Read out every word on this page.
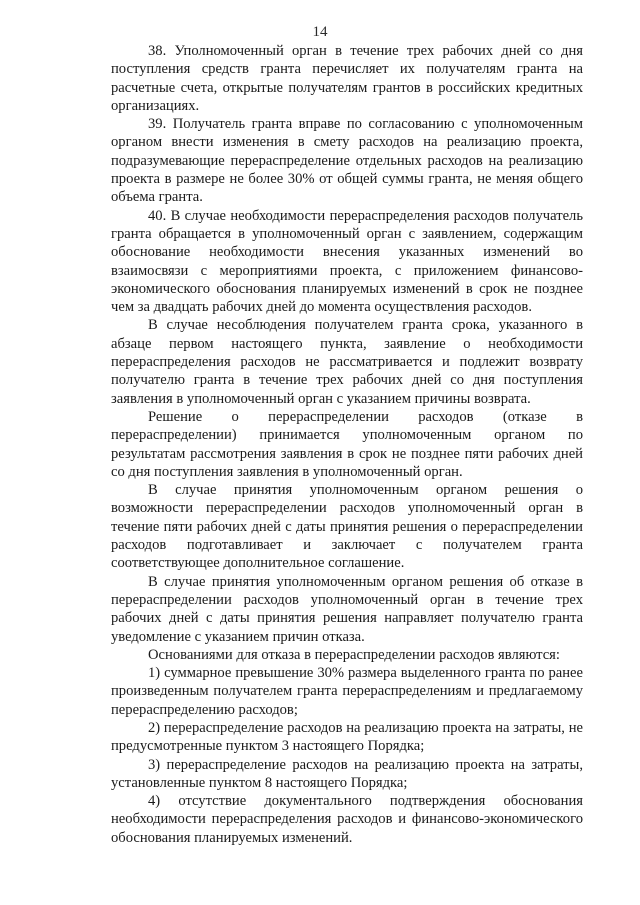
14

38. Уполномоченный орган в течение трех рабочих дней со дня поступления средств гранта перечисляет их получателям гранта на расчетные счета, открытые получателям грантов в российских кредитных организациях.

39. Получатель гранта вправе по согласованию с уполномоченным органом внести изменения в смету расходов на реализацию проекта, подразумевающие перераспределение отдельных расходов на реализацию проекта в размере не более 30% от общей суммы гранта, не меняя общего объема гранта.

40. В случае необходимости перераспределения расходов получатель гранта обращается в уполномоченный орган с заявлением, содержащим обоснование необходимости внесения указанных изменений во взаимосвязи с мероприятиями проекта, с приложением финансово-экономического обоснования планируемых изменений в срок не позднее чем за двадцать рабочих дней до момента осуществления расходов.

В случае несоблюдения получателем гранта срока, указанного в абзаце первом настоящего пункта, заявление о необходимости перераспределения расходов не рассматривается и подлежит возврату получателю гранта в течение трех рабочих дней со дня поступления заявления в уполномоченный орган с указанием причины возврата.

Решение о перераспределении расходов (отказе в перераспределении) принимается уполномоченным органом по результатам рассмотрения заявления в срок не позднее пяти рабочих дней со дня поступления заявления в уполномоченный орган.

В случае принятия уполномоченным органом решения о возможности перераспределении расходов уполномоченный орган в течение пяти рабочих дней с даты принятия решения о перераспределении расходов подготавливает и заключает с получателем гранта соответствующее дополнительное соглашение.

В случае принятия уполномоченным органом решения об отказе в перераспределении расходов уполномоченный орган в течение трех рабочих дней с даты принятия решения направляет получателю гранта уведомление с указанием причин отказа.

Основаниями для отказа в перераспределении расходов являются:

1) суммарное превышение 30% размера выделенного гранта по ранее произведенным получателем гранта перераспределениям и предлагаемому перераспределению расходов;

2) перераспределение расходов на реализацию проекта на затраты, не предусмотренные пунктом 3 настоящего Порядка;

3) перераспределение расходов на реализацию проекта на затраты, установленные пунктом 8 настоящего Порядка;

4) отсутствие документального подтверждения обоснования необходимости перераспределения расходов и финансово-экономического обоснования планируемых изменений.
